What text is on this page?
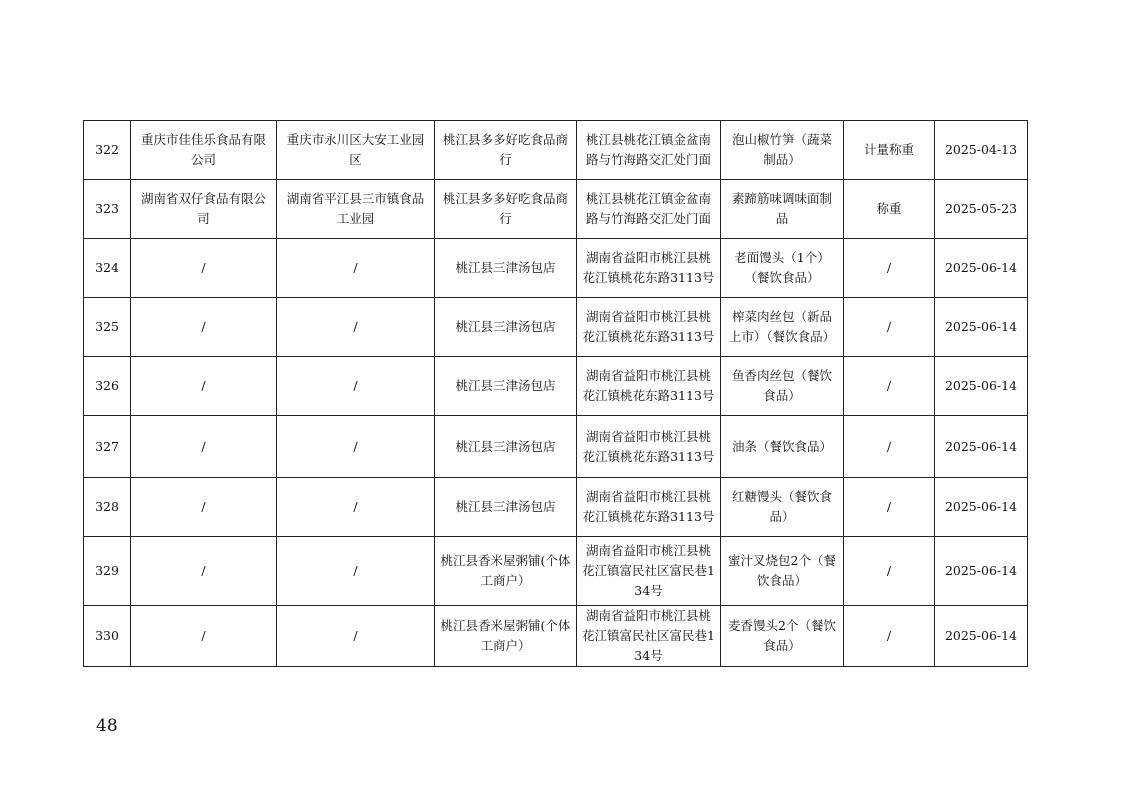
322	重庆市佳佳乐食品有限公司	重庆市永川区大安工业园区	桃江县多多好吃食品商行	桃江县桃花江镇金盆南路与竹海路交汇处门面	泡山椒竹笋（蔬菜制品）	计量称重	2025-04-13
323	湖南省双仔食品有限公司	湖南省平江县三市镇食品工业园	桃江县多多好吃食品商行	桃江县桃花江镇金盆南路与竹海路交汇处门面	素蹄筋味调味面制品	称重	2025-05-23
324	/	/	桃江县三津汤包店	湖南省益阳市桃江县桃花江镇桃花东路3113号	老面馒头（1个）（餐饮食品）	/	2025-06-14
325	/	/	桃江县三津汤包店	湖南省益阳市桃江县桃花江镇桃花东路3113号	榨菜肉丝包（新品上市）（餐饮食品）	/	2025-06-14
326	/	/	桃江县三津汤包店	湖南省益阳市桃江县桃花江镇桃花东路3113号	鱼香肉丝包（餐饮食品）	/	2025-06-14
327	/	/	桃江县三津汤包店	湖南省益阳市桃江县桃花江镇桃花东路3113号	油条（餐饮食品）	/	2025-06-14
328	/	/	桃江县三津汤包店	湖南省益阳市桃江县桃花江镇桃花东路3113号	红糖馒头（餐饮食品）	/	2025-06-14
329	/	/	桃江县香米屋粥铺(个体工商户）	湖南省益阳市桃江县桃花江镇富民社区富民巷134号	蜜汁叉烧包2个（餐饮食品）	/	2025-06-14
330	/	/	桃江县香米屋粥铺(个体工商户）	湖南省益阳市桃江县桃花江镇富民社区富民巷134号	麦香馒头2个（餐饮食品）	/	2025-06-14
48
